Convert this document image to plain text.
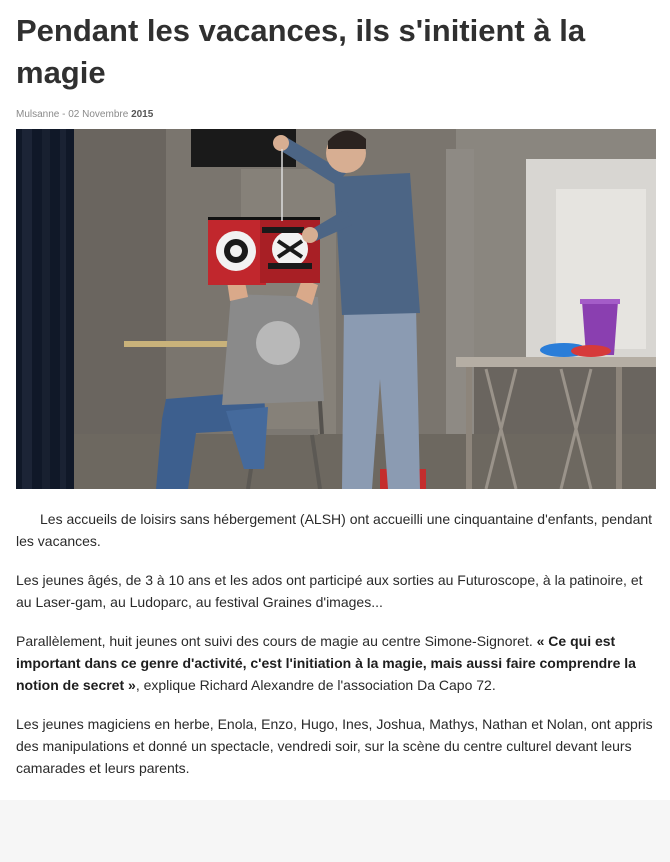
Pendant les vacances, ils s'initient à la magie
Mulsanne - 02 Novembre 2015

Les accueils de loisirs sans hébergement (ALSH) ont accueilli une cinquantaine d'enfants, pendant les vacances.

Les jeunes âgés, de 3 à 10 ans et les ados ont participé aux sorties au Futuroscope, à la patinoire, et au Laser-gam, au Ludoparc, au festival Graines d'images...

Parallèlement, huit jeunes ont suivi des cours de magie au centre Simone-Signoret. « Ce qui est important dans ce genre d'activité, c'est l'initiation à la magie, mais aussi faire comprendre la notion de secret », explique Richard Alexandre de l'association Da Capo 72.

Les jeunes magiciens en herbe, Enola, Enzo, Hugo, Ines, Joshua, Mathys, Nathan et Nolan, ont appris des manipulations et donné un spectacle, vendredi soir, sur la scène du centre culturel devant leurs camarades et leurs parents.
